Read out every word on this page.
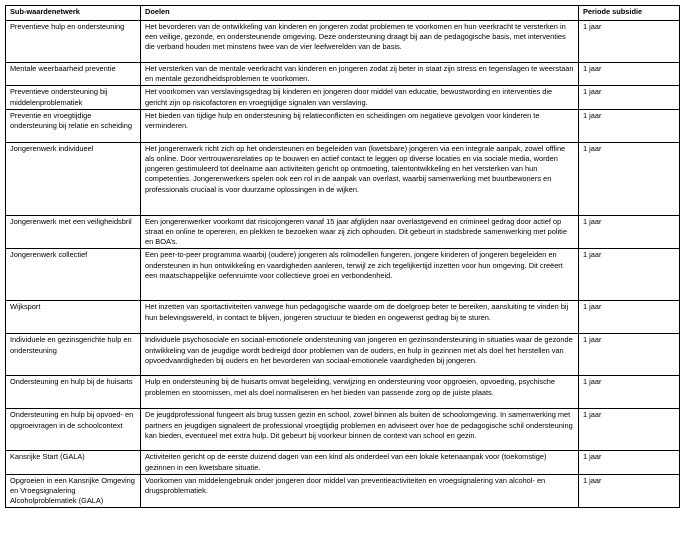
Sub-waardenetwerk	Doelen	Periode subsidie
Preventieve hulp en ondersteuning	Het bevorderen van de ontwikkeling van kinderen en jongeren zodat problemen te voorkomen en hun veerkracht te versterken in een veilige, gezonde, en ondersteunende omgeving. Deze ondersteuning draagt bij aan de pedagogische basis, met interventies die verband houden met minstens twee van de vier leefwerelden van de basis.	1 jaar
Mentale weerbaarheid preventie	Het versterken van de mentale veerkracht van kinderen en jongeren zodat zij beter in staat zijn stress en tegenslagen te weerstaan en mentale gezondheidsproblemen te voorkomen.	1 jaar
Preventieve ondersteuning bij middelenproblematiek	Het voorkomen van verslavingsgedrag bij kinderen en jongeren door middel van educatie, bewustwording en interventies die gericht zijn op risicofactoren en vroegtijdige signalen van verslaving.	1 jaar
Preventie en vroegtijdige ondersteuning bij relatie en scheiding	Het bieden van tijdige hulp en ondersteuning bij relatieconflicten en scheidingen om negatieve gevolgen voor kinderen te verminderen.	1 jaar
Jongerenwerk individueel	Het jongerenwerk richt zich op het ondersteunen en begeleiden van (kwetsbare) jongeren via een integrale aanpak, zowel offline als online. Door vertrouwensrelaties op te bouwen en actief contact te leggen op diverse locaties en via sociale media, worden jongeren gestimuleerd tot deelname aan activiteiten gericht op ontmoeting, talentontwikkeling en het versterken van hun competenties. Jongerenwerkers spelen ook een rol in de aanpak van overlast, waarbij samenwerking met buurtbewoners en professionals cruciaal is voor duurzame oplossingen in de wijken.	1 jaar
Jongerenwerk met een veiligheidsbril	Een jongerenwerker voorkomt dat risicojongeren vanaf 15 jaar afglijden naar overlastgevend en crimineel gedrag door actief op straat en online te opereren, en plekken te bezoeken waar zij zich ophouden. Dit gebeurt in stadsbrede samenwerking met politie en BOA’s.	1 jaar
Jongerenwerk collectief	Een peer-to-peer programma waarbij (oudere) jongeren als rolmodellen fungeren, jongere kinderen of jongeren begeleiden en ondersteunen in hun ontwikkeling en vaardigheden aanleren, terwijl ze zich tegelijkertijd inzetten voor hun omgeving. Dit creëert een maatschappelijke oefenruimte voor collectieve groei en verbondenheid.	1 jaar
Wijksport	Het inzetten van sportactiviteiten vanwege hun pedagogische waarde om de doelgroep beter te bereiken, aansluiting te vinden bij hun belevingswereld, in contact te blijven, jongeren structuur te bieden en ongewenst gedrag bij te sturen.	1 jaar
Individuele en gezinsgerichte hulp en ondersteuning	Individuele psychosociale en sociaal-emotionele ondersteuning van jongeren en gezinsondersteuning in situaties waar de gezonde ontwikkeling van de jeugdige wordt bedreigd door problemen van de ouders, en hulp in gezinnen met als doel het herstellen van opvoedvaardigheden bij ouders en het bevorderen van sociaal-emotionele vaardigheden bij jongeren.	1 jaar
Ondersteuning en hulp bij de huisarts	Hulp en ondersteuning bij de huisarts omvat begeleiding, verwijzing en ondersteuning voor opgroeien, opvoeding, psychische problemen en stoornissen, met als doel normaliseren en het bieden van passende zorg op de juiste plaats.	1 jaar
Ondersteuning en hulp bij opvoed- en opgroeivragen in de schoolcontext	De jeugdprofessional fungeert als brug tussen gezin en school, zowel binnen als buiten de schoolomgeving. In samenwerking met partners en jeugdigen signaleert de professional vroegtijdig problemen en adviseert over hoe de pedagogische schil ondersteuning kan bieden, eventueel met extra hulp. Dit gebeurt bij voorkeur binnen de context van school en gezin.	1 jaar
Kansrijke Start (GALA)	Activiteiten gericht op de eerste duizend dagen van een kind als onderdeel van een lokale ketenaanpak voor (toekomstige) gezinnen in een kwetsbare situatie.	1 jaar
Opgroeien in een Kansrijke Omgeving en Vroegsignalering Alcoholproblematiek (GALA)	Voorkomen van middelengebruik onder jongeren door middel van preventieactiviteiten en vroegsignalering van alcohol- en drugsproblematiek.	1 jaar
